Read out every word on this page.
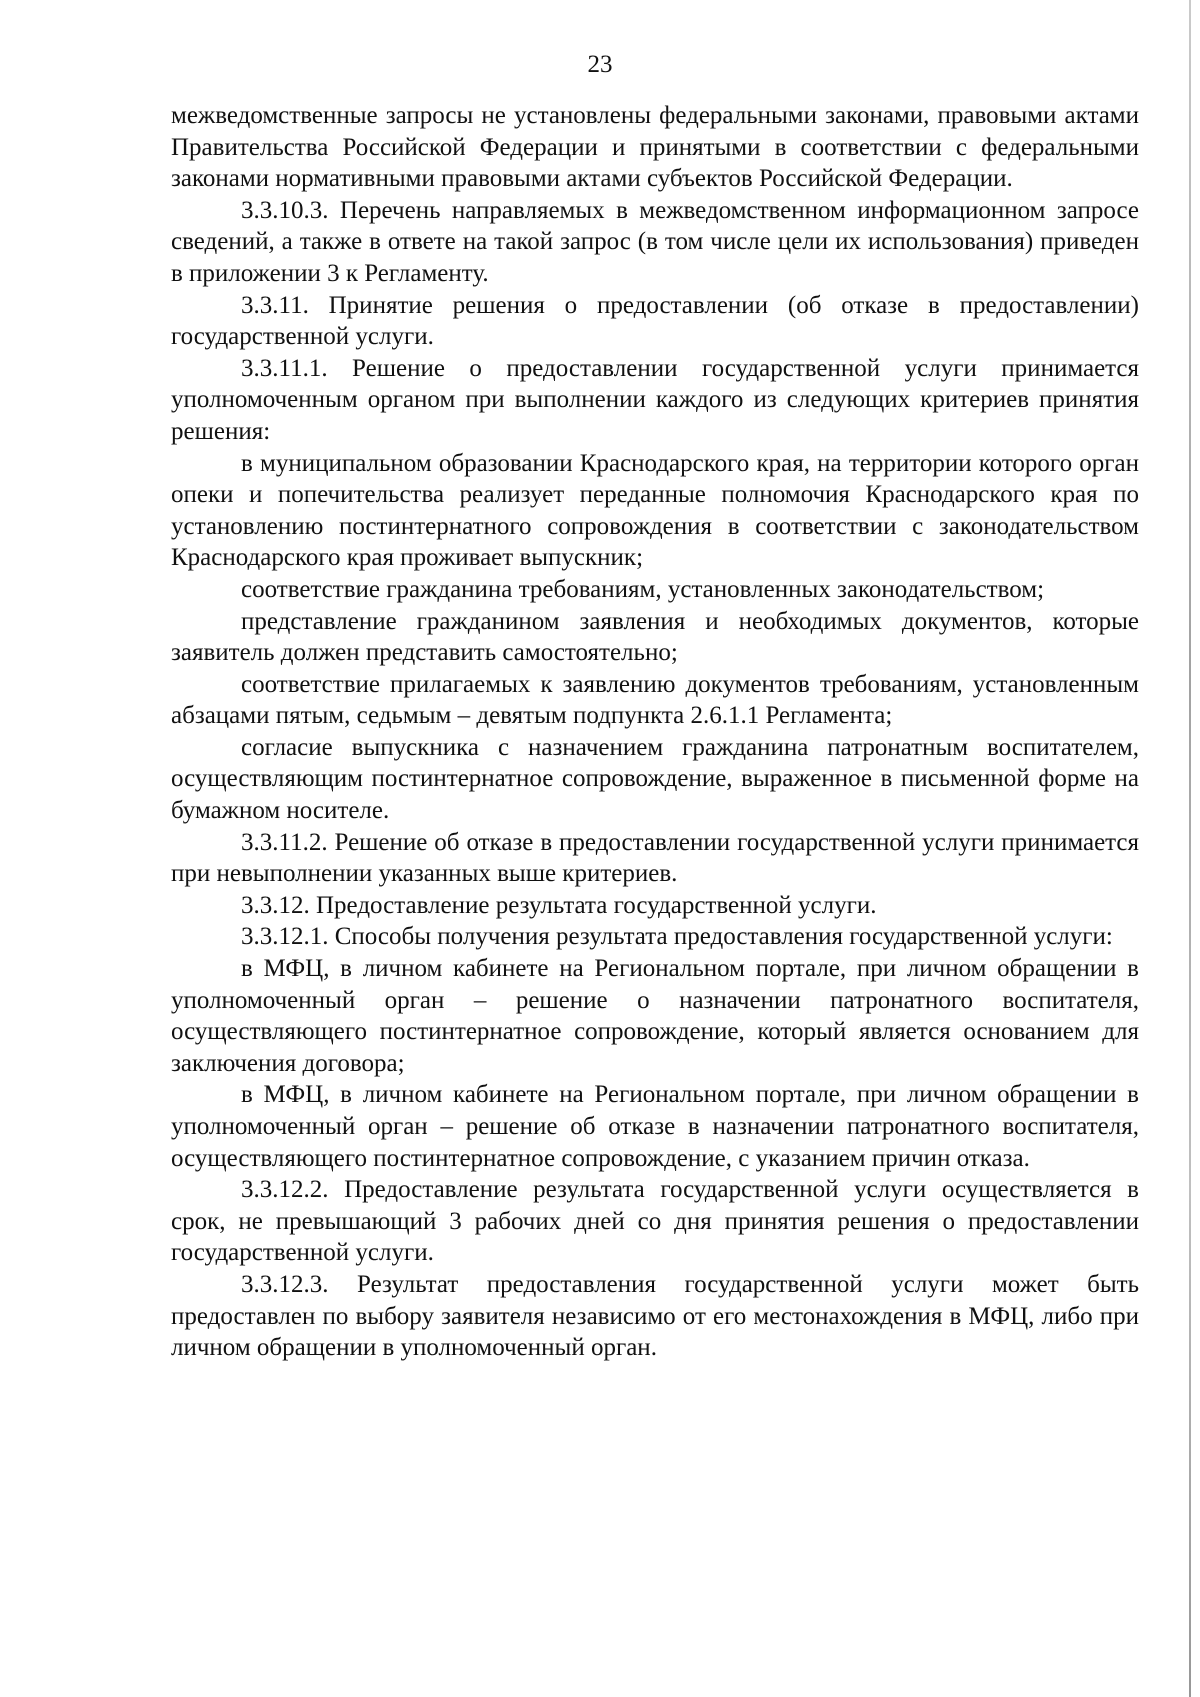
23

межведомственные запросы не установлены федеральными законами, правовыми актами Правительства Российской Федерации и принятыми в соответствии с федеральными законами нормативными правовыми актами субъектов Российской Федерации.

3.3.10.3. Перечень направляемых в межведомственном информационном запросе сведений, а также в ответе на такой запрос (в том числе цели их использования) приведен в приложении 3 к Регламенту.

3.3.11. Принятие решения о предоставлении (об отказе в предоставлении) государственной услуги.

3.3.11.1. Решение о предоставлении государственной услуги принимается уполномоченным органом при выполнении каждого из следующих критериев принятия решения:

в муниципальном образовании Краснодарского края, на территории которого орган опеки и попечительства реализует переданные полномочия Краснодарского края по установлению постинтернатного сопровождения в соответствии с законодательством Краснодарского края проживает выпускник;

соответствие гражданина требованиям, установленных законодательством;

представление гражданином заявления и необходимых документов, которые заявитель должен представить самостоятельно;

соответствие прилагаемых к заявлению документов требованиям, установленным абзацами пятым, седьмым – девятым подпункта 2.6.1.1 Регламента;

согласие выпускника с назначением гражданина патронатным воспитателем, осуществляющим постинтернатное сопровождение, выраженное в письменной форме на бумажном носителе.

3.3.11.2. Решение об отказе в предоставлении государственной услуги принимается при невыполнении указанных выше критериев.

3.3.12. Предоставление результата государственной услуги.

3.3.12.1. Способы получения результата предоставления государственной услуги:

в МФЦ, в личном кабинете на Региональном портале, при личном обращении в уполномоченный орган – решение о назначении патронатного воспитателя, осуществляющего постинтернатное сопровождение, который является основанием для заключения договора;

в МФЦ, в личном кабинете на Региональном портале, при личном обращении в уполномоченный орган – решение об отказе в назначении патронатного воспитателя, осуществляющего постинтернатное сопровождение, с указанием причин отказа.

3.3.12.2. Предоставление результата государственной услуги осуществляется в срок, не превышающий 3 рабочих дней со дня принятия решения о предоставлении государственной услуги.

3.3.12.3. Результат предоставления государственной услуги может быть предоставлен по выбору заявителя независимо от его местонахождения в МФЦ, либо при личном обращении в уполномоченный орган.
